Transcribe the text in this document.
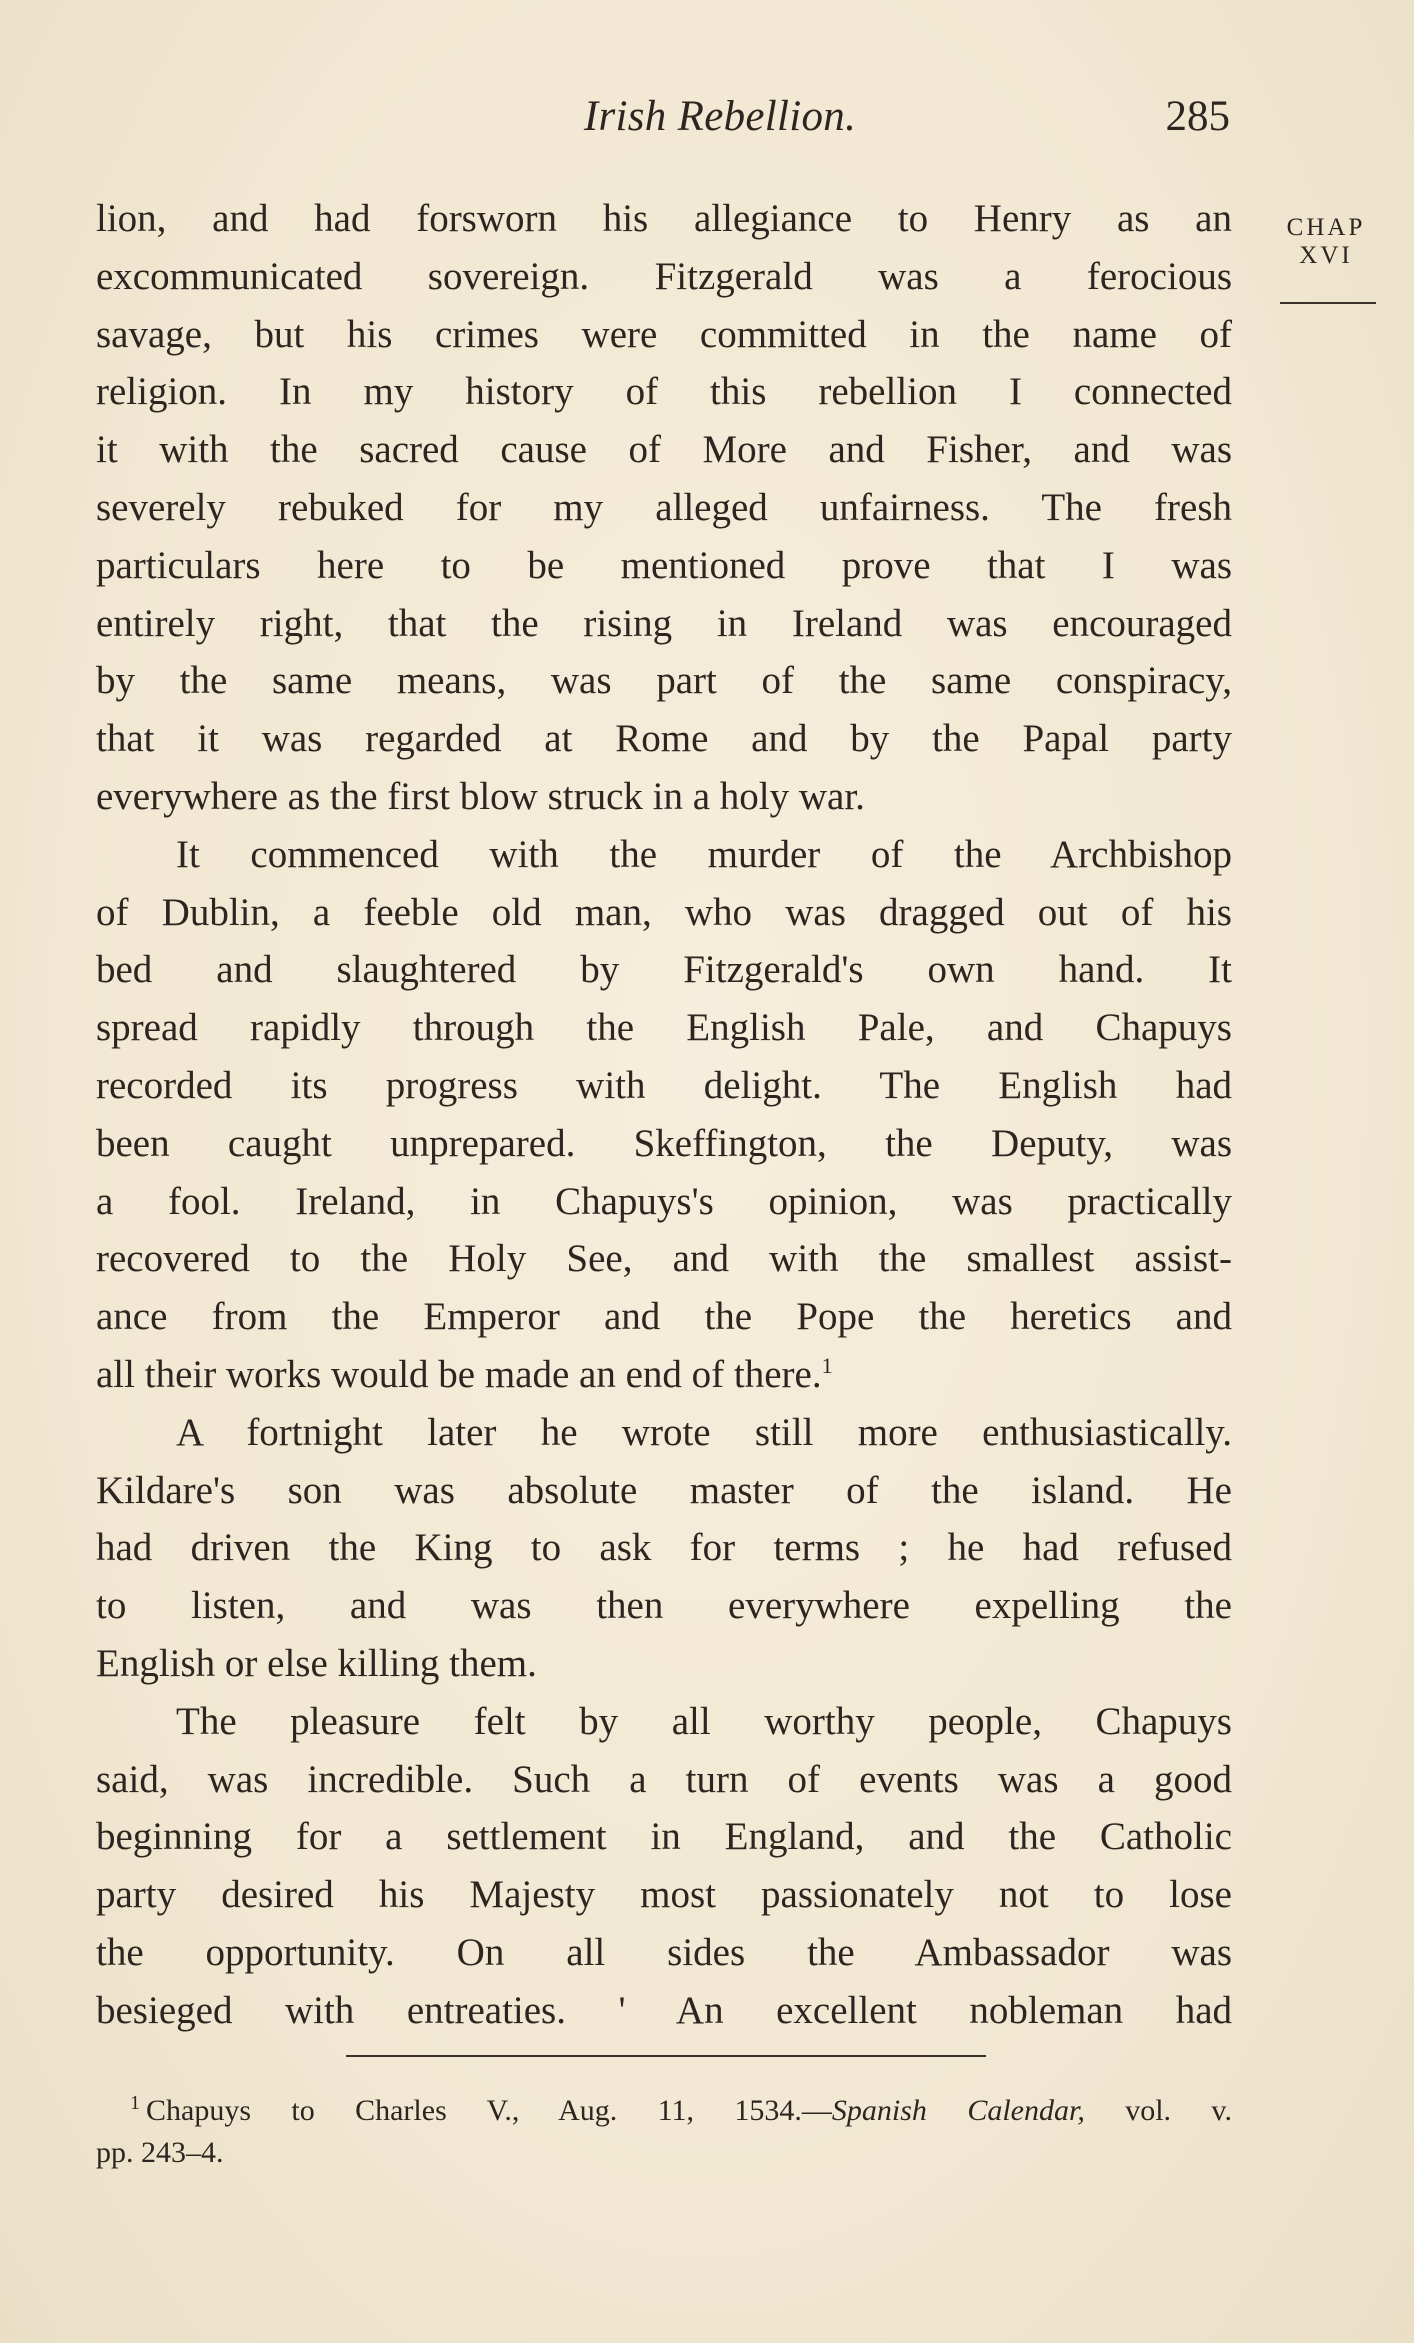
Irish Rebellion.	285
CHAP
XVI
lion, and had forsworn his allegiance to Henry as an
excommunicated sovereign. Fitzgerald was a ferocious
savage, but his crimes were committed in the name of
religion. In my history of this rebellion I connected
it with the sacred cause of More and Fisher, and was
severely rebuked for my alleged unfairness. The fresh
particulars here to be mentioned prove that I was
entirely right, that the rising in Ireland was encouraged
by the same means, was part of the same conspiracy,
that it was regarded at Rome and by the Papal party
everywhere as the first blow struck in a holy war.
It commenced with the murder of the Archbishop
of Dublin, a feeble old man, who was dragged out of his
bed and slaughtered by Fitzgerald's own hand. It
spread rapidly through the English Pale, and Chapuys
recorded its progress with delight. The English had
been caught unprepared. Skeffington, the Deputy, was
a fool. Ireland, in Chapuys's opinion, was practically
recovered to the Holy See, and with the smallest assist-
ance from the Emperor and the Pope the heretics and
all their works would be made an end of there.$^1$
A fortnight later he wrote still more enthusiastically.
Kildare's son was absolute master of the island. He
had driven the King to ask for terms ; he had refused
to listen, and was then everywhere expelling the
English or else killing them.
The pleasure felt by all worthy people, Chapuys
said, was incredible. Such a turn of events was a good
beginning for a settlement in England, and the Catholic
party desired his Majesty most passionately not to lose
the opportunity. On all sides the Ambassador was
besieged with entreaties. ' An excellent nobleman had
$^1$ Chapuys to Charles V., Aug. 11, 1534.—Spanish Calendar, vol. v.
pp. 243–4.
